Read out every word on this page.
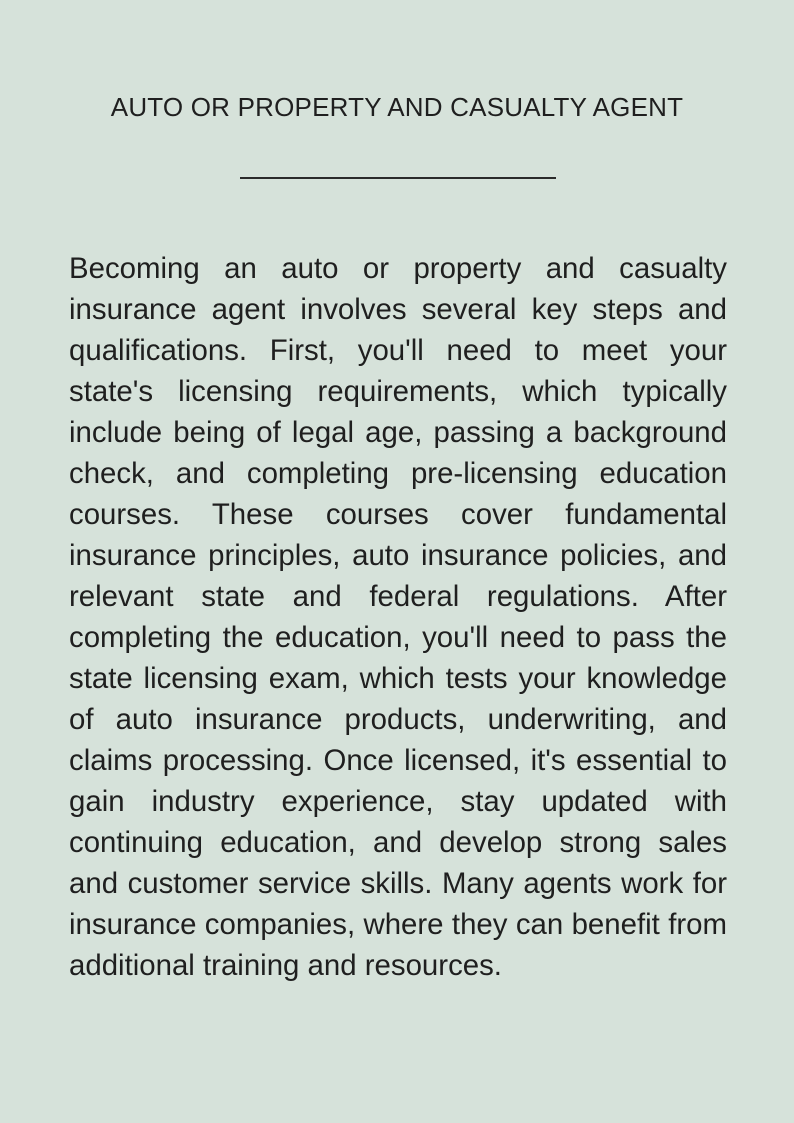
AUTO OR PROPERTY AND CASUALTY AGENT

Becoming an auto or property and casualty insurance agent involves several key steps and qualifications. First, you'll need to meet your state's licensing requirements, which typically include being of legal age, passing a background check, and completing pre-licensing education courses. These courses cover fundamental insurance principles, auto insurance policies, and relevant state and federal regulations. After completing the education, you'll need to pass the state licensing exam, which tests your knowledge of auto insurance products, underwriting, and claims processing. Once licensed, it's essential to gain industry experience, stay updated with continuing education, and develop strong sales and customer service skills. Many agents work for insurance companies, where they can benefit from additional training and resources.
